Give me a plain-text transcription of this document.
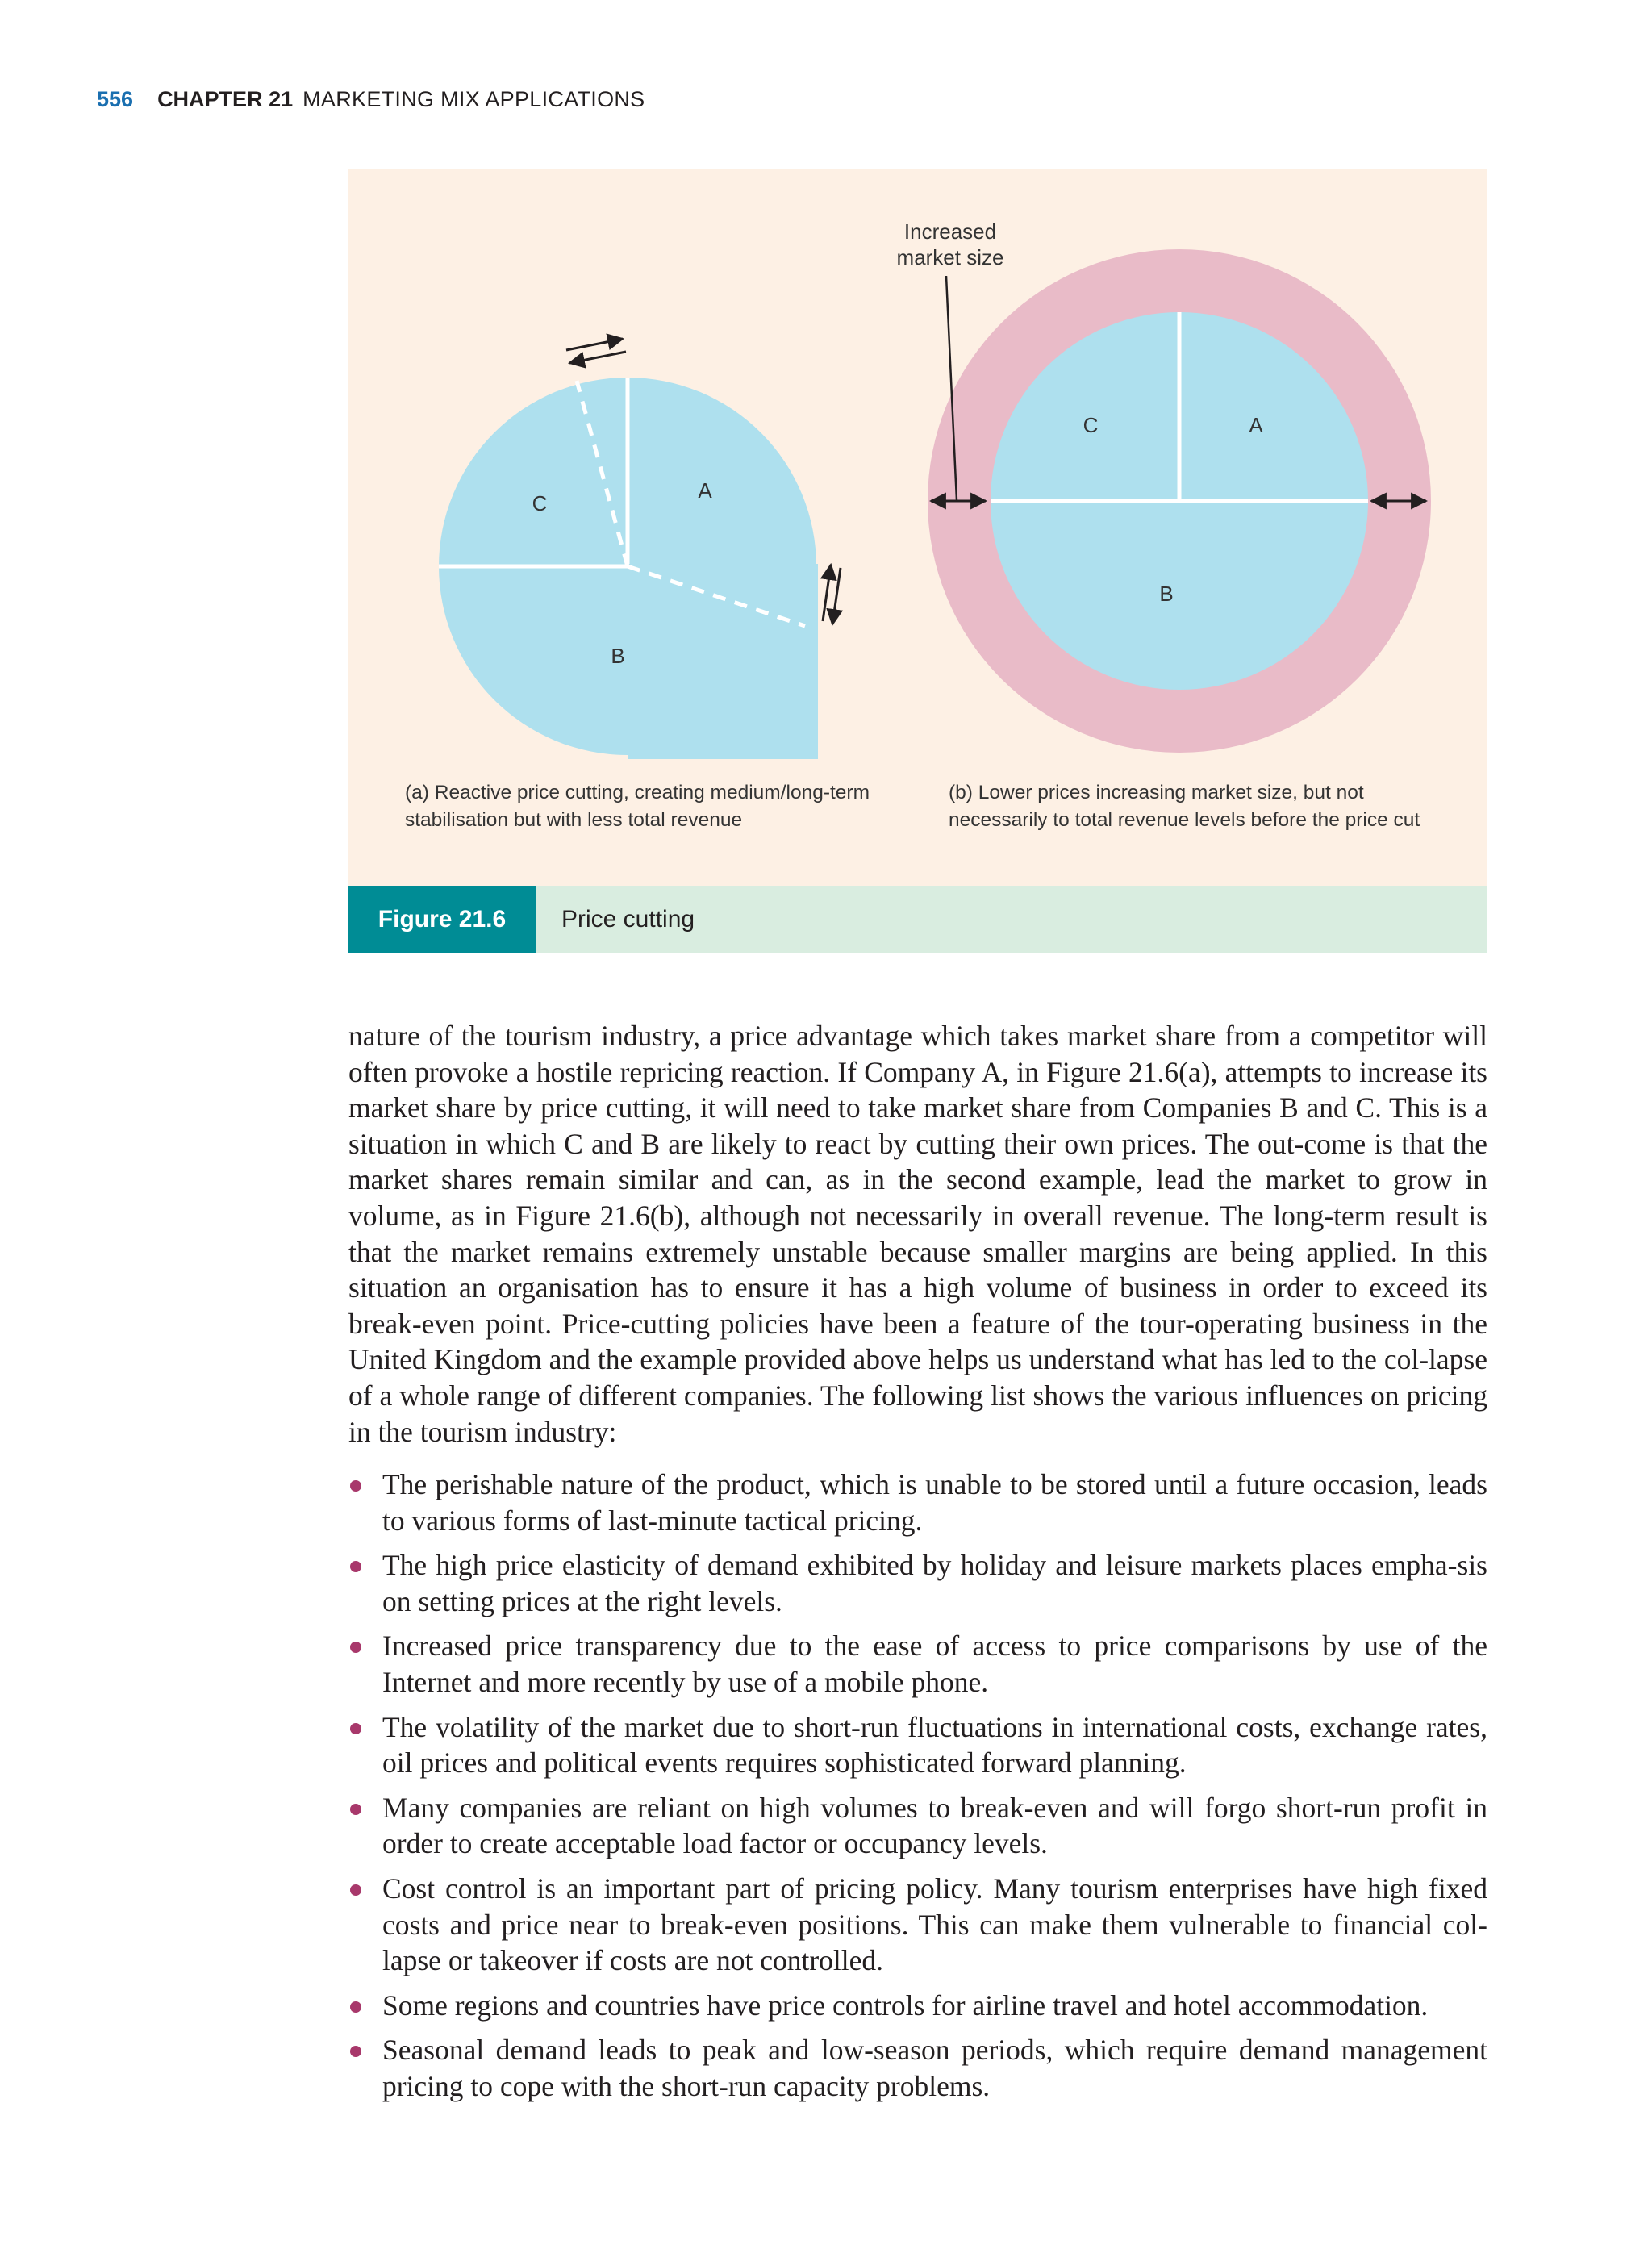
556 CHAPTER 21 MARKETING MIX APPLICATIONS
A
C
B
Increased
market size
C	A
B
(a) Reactive price cutting, creating medium/long-term
stabilisation but with less total revenue
(b) Lower prices increasing market size, but not
necessarily to total revenue levels before the price cut
Figure 21.6	Price cutting

nature of the tourism industry, a price advantage which takes market share from a competitor will often provoke a hostile repricing reaction. If Company A, in Figure 21.6(a), attempts to increase its market share by price cutting, it will need to take market share from Companies B and C. This is a situation in which C and B are likely to react by cutting their own prices. The out-come is that the market shares remain similar and can, as in the second example, lead the market to grow in volume, as in Figure 21.6(b), although not necessarily in overall revenue. The long-term result is that the market remains extremely unstable because smaller margins are being applied. In this situation an organisation has to ensure it has a high volume of business in order to exceed its break-even point. Price-cutting policies have been a feature of the tour-operating business in the United Kingdom and the example provided above helps us understand what has led to the col-lapse of a whole range of different companies. The following list shows the various influences on pricing in the tourism industry:

The perishable nature of the product, which is unable to be stored until a future occasion, leads to various forms of last-minute tactical pricing.
The high price elasticity of demand exhibited by holiday and leisure markets places empha-sis on setting prices at the right levels.
Increased price transparency due to the ease of access to price comparisons by use of the Internet and more recently by use of a mobile phone.
The volatility of the market due to short-run fluctuations in international costs, exchange rates, oil prices and political events requires sophisticated forward planning.
Many companies are reliant on high volumes to break-even and will forgo short-run profit in order to create acceptable load factor or occupancy levels.
Cost control is an important part of pricing policy. Many tourism enterprises have high fixed costs and price near to break-even positions. This can make them vulnerable to financial col-lapse or takeover if costs are not controlled.
Some regions and countries have price controls for airline travel and hotel accommodation.
Seasonal demand leads to peak and low-season periods, which require demand management pricing to cope with the short-run capacity problems.
